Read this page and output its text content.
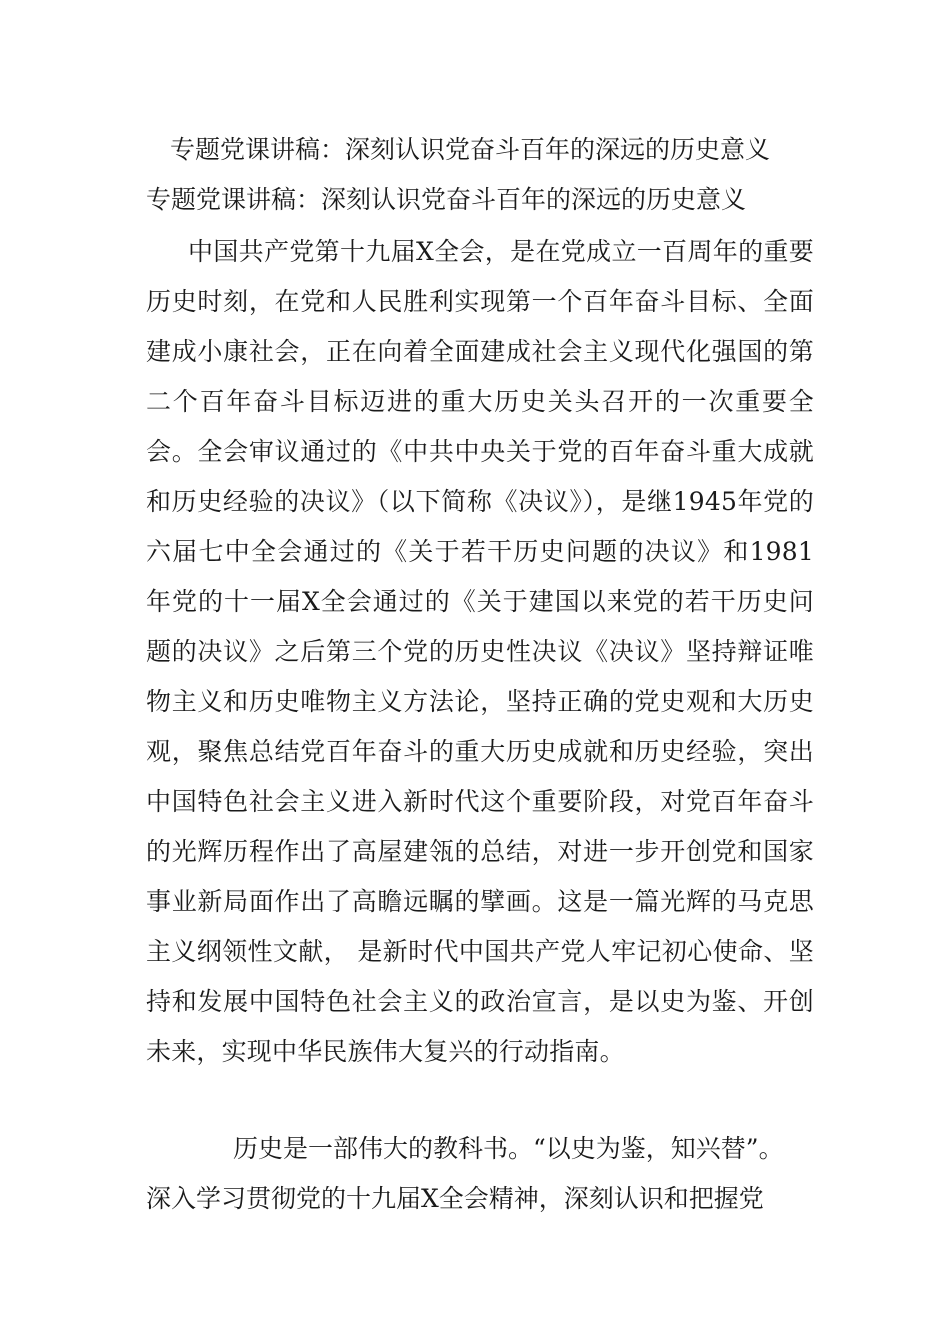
专题党课讲稿：深刻认识党奋斗百年的深远的历史意义
专题党课讲稿：深刻认识党奋斗百年的深远的历史意义

中国共产党第十九届X全会，是在党成立一百周年的重要历史时刻，在党和人民胜利实现第一个百年奋斗目标、全面建成小康社会，正在向着全面建成社会主义现代化强国的第二个百年奋斗目标迈进的重大历史关头召开的一次重要全会。全会审议通过的《中共中央关于党的百年奋斗重大成就和历史经验的决议》（以下简称《决议》），是继1945年党的六届七中全会通过的《关于若干历史问题的决议》和1981年党的十一届X全会通过的《关于建国以来党的若干历史问题的决议》之后第三个党的历史性决议《决议》坚持辩证唯物主义和历史唯物主义方法论，坚持正确的党史观和大历史观，聚焦总结党百年奋斗的重大历史成就和历史经验，突出中国特色社会主义进入新时代这个重要阶段，对党百年奋斗的光辉历程作出了高屋建瓴的总结，对进一步开创党和国家事业新局面作出了高瞻远瞩的擘画。这是一篇光辉的马克思主义纲领性文献， 是新时代中国共产党人牢记初心使命、坚持和发展中国特色社会主义的政治宣言，是以史为鉴、开创未来，实现中华民族伟大复兴的行动指南。

历史是一部伟大的教科书。“以史为鉴，知兴替”。
深入学习贯彻党的十九届X全会精神，深刻认识和把握党
